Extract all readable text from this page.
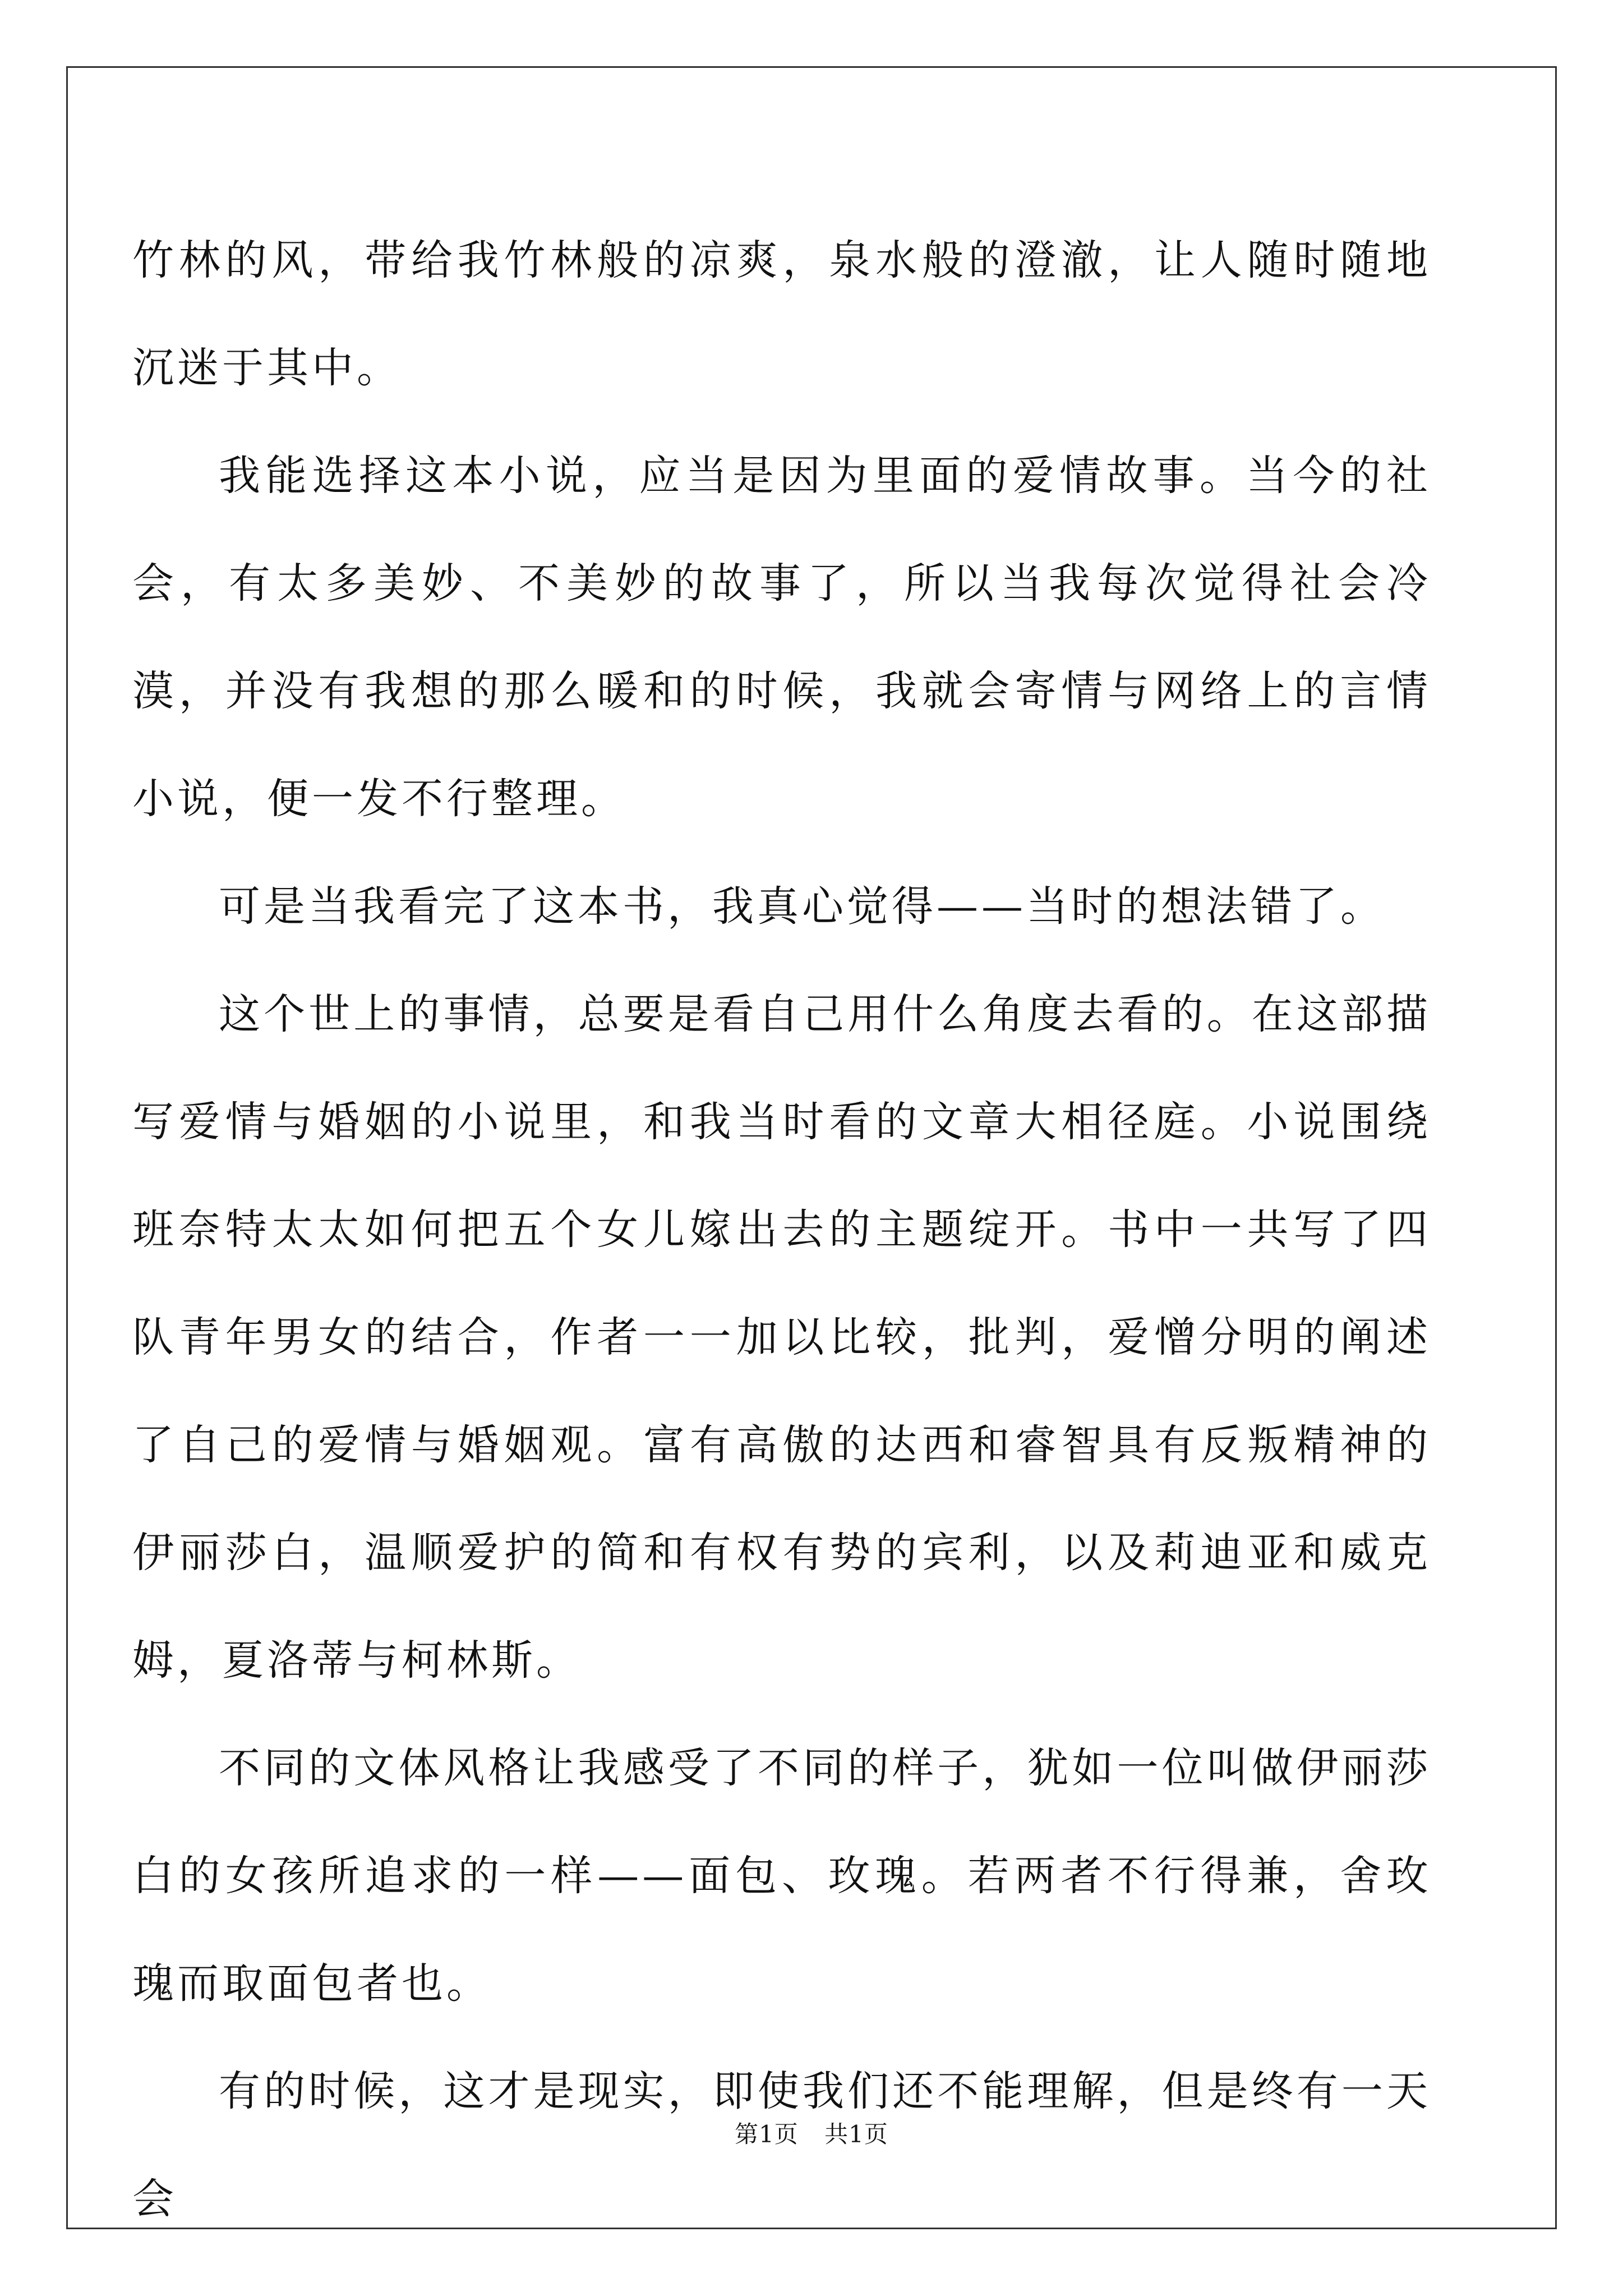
竹林的风，带给我竹林般的凉爽，泉水般的澄澈，让人随时随地沉迷于其中。

我能选择这本小说，应当是因为里面的爱情故事。当今的社会，有太多美妙、不美妙的故事了，所以当我每次觉得社会冷漠，并没有我想的那么暖和的时候，我就会寄情与网络上的言情小说，便一发不行整理。

可是当我看完了这本书，我真心觉得——当时的想法错了。

这个世上的事情，总要是看自己用什么角度去看的。在这部描写爱情与婚姻的小说里，和我当时看的文章大相径庭。小说围绕班奈特太太如何把五个女儿嫁出去的主题绽开。书中一共写了四队青年男女的结合，作者一一加以比较，批判，爱憎分明的阐述了自己的爱情与婚姻观。富有高傲的达西和睿智具有反叛精神的伊丽莎白，温顺爱护的简和有权有势的宾利，以及莉迪亚和威克姆，夏洛蒂与柯林斯。

不同的文体风格让我感受了不同的样子，犹如一位叫做伊丽莎白的女孩所追求的一样——面包、玫瑰。若两者不行得兼，舍玫瑰而取面包者也。

有的时候，这才是现实，即使我们还不能理解，但是终有一天会

第1页 共1页
